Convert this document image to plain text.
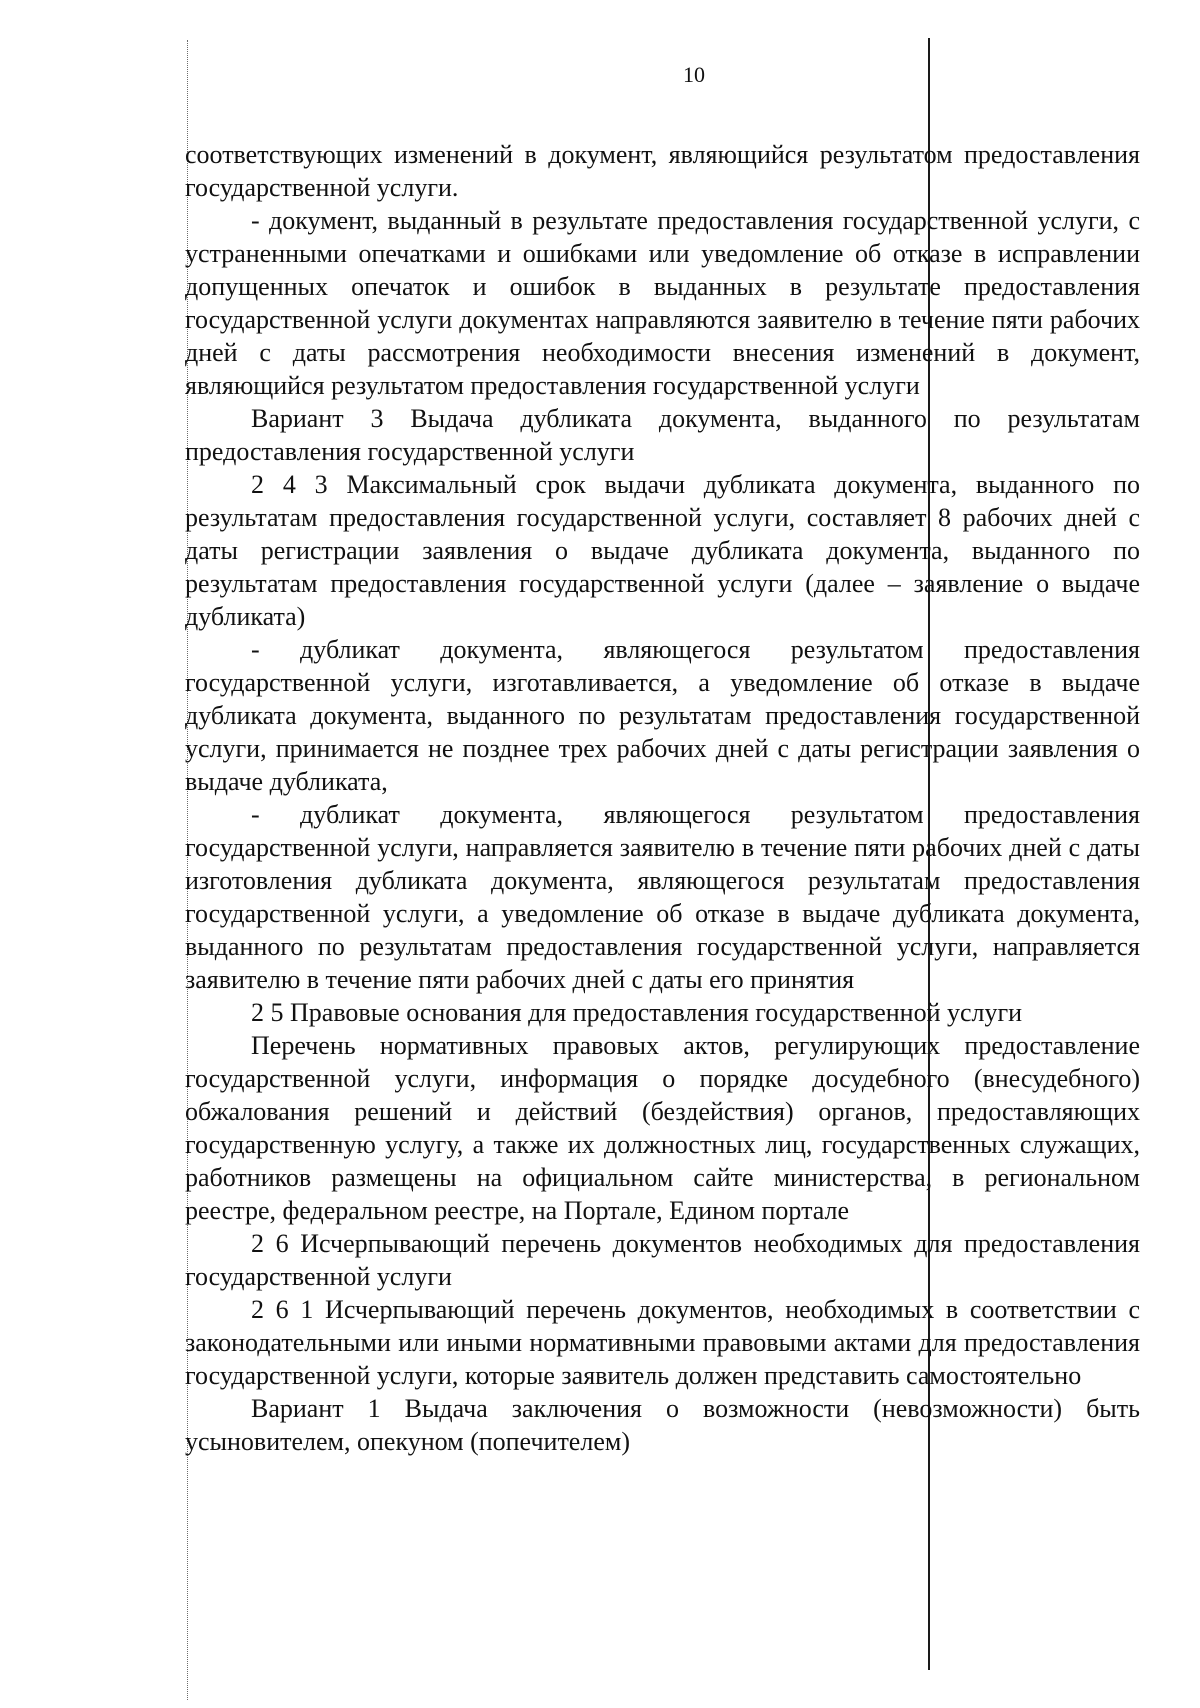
10

соответствующих изменений в документ, являющийся результатом предоставления государственной услуги.

- документ, выданный в результате предоставления государственной услуги, с устраненными опечатками и ошибками или уведомление об отказе в исправлении допущенных опечаток и ошибок в выданных в результате предоставления государственной услуги документах направляются заявителю в течение пяти рабочих дней с даты рассмотрения необходимости внесения изменений в документ, являющийся результатом предоставления государственной услуги

Вариант 3 Выдача дубликата документа, выданного по результатам предоставления государственной услуги

2 4 3 Максимальный срок выдачи дубликата документа, выданного по результатам предоставления государственной услуги, составляет 8 рабочих дней с даты регистрации заявления о выдаче дубликата документа, выданного по результатам предоставления государственной услуги (далее – заявление о выдаче дубликата)

- дубликат документа, являющегося результатом предоставления государственной услуги, изготавливается, а уведомление об отказе в выдаче дубликата документа, выданного по результатам предоставления государственной услуги, принимается не позднее трех рабочих дней с даты регистрации заявления о выдаче дубликата,

- дубликат документа, являющегося результатом предоставления государственной услуги, направляется заявителю в течение пяти рабочих дней с даты изготовления дубликата документа, являющегося результатам предоставления государственной услуги, а уведомление об отказе в выдаче дубликата документа, выданного по результатам предоставления государственной услуги, направляется заявителю в течение пяти рабочих дней с даты его принятия

2 5 Правовые основания для предоставления государственной услуги

Перечень нормативных правовых актов, регулирующих предоставление государственной услуги, информация о порядке досудебного (внесудебного) обжалования решений и действий (бездействия) органов, предоставляющих государственную услугу, а также их должностных лиц, государственных служащих, работников размещены на официальном сайте министерства, в региональном реестре, федеральном реестре, на Портале, Едином портале

2 6 Исчерпывающий перечень документов необходимых для предоставления государственной услуги

2 6 1 Исчерпывающий перечень документов, необходимых в соответствии с законодательными или иными нормативными правовыми актами для предоставления государственной услуги, которые заявитель должен представить самостоятельно

Вариант 1 Выдача заключения о возможности (невозможности) быть усыновителем, опекуном (попечителем)
